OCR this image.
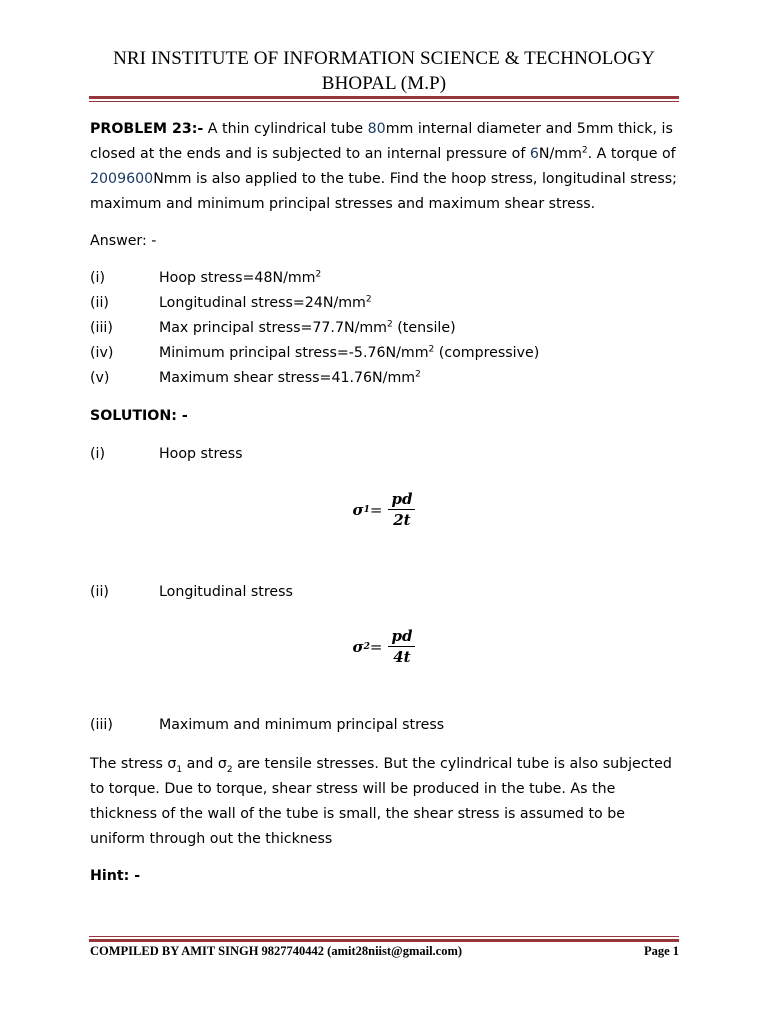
NRI INSTITUTE OF INFORMATION SCIENCE & TECHNOLOGY
BHOPAL (M.P)

PROBLEM 23:- A thin cylindrical tube 80mm internal diameter and 5mm thick, is closed at the ends and is subjected to an internal pressure of $6N/mm^2$. A torque of 2009600Nmm is also applied to the tube. Find the hoop stress, longitudinal stress; maximum and minimum principal stresses and maximum shear stress.

Answer: -
(i)	Hoop $stress=48N/mm^2$
(ii)	Longitudinal $stress=24N/mm^2$
(iii)	Max principal $stress=77.7N/mm^2$ (tensile)
(iv)	Minimum principal $stress=-5.76N/mm^2$ (compressive)
(v)	Maximum shear $stress=41.76N/mm^2$
SOLUTION: -
(i)	Hoop stress
(ii)	Longitudinal stress
(iii)	Maximum and minimum principal stress

The stress $\sigma_1$ and $\sigma_2$ are tensile stresses. But the cylindrical tube is also subjected to torque. Due to torque, shear stress will be produced in the tube. As the thickness of the wall of the tube is small, the shear stress is assumed to be uniform through out the thickness

Hint: -
σ $1 = \frac{pd}{2t}$
σ $2 = \frac{pd}{4t}$
COMPILED BY AMIT SINGH 9827740442 (amit28niist@gmail.com)	Page 1
